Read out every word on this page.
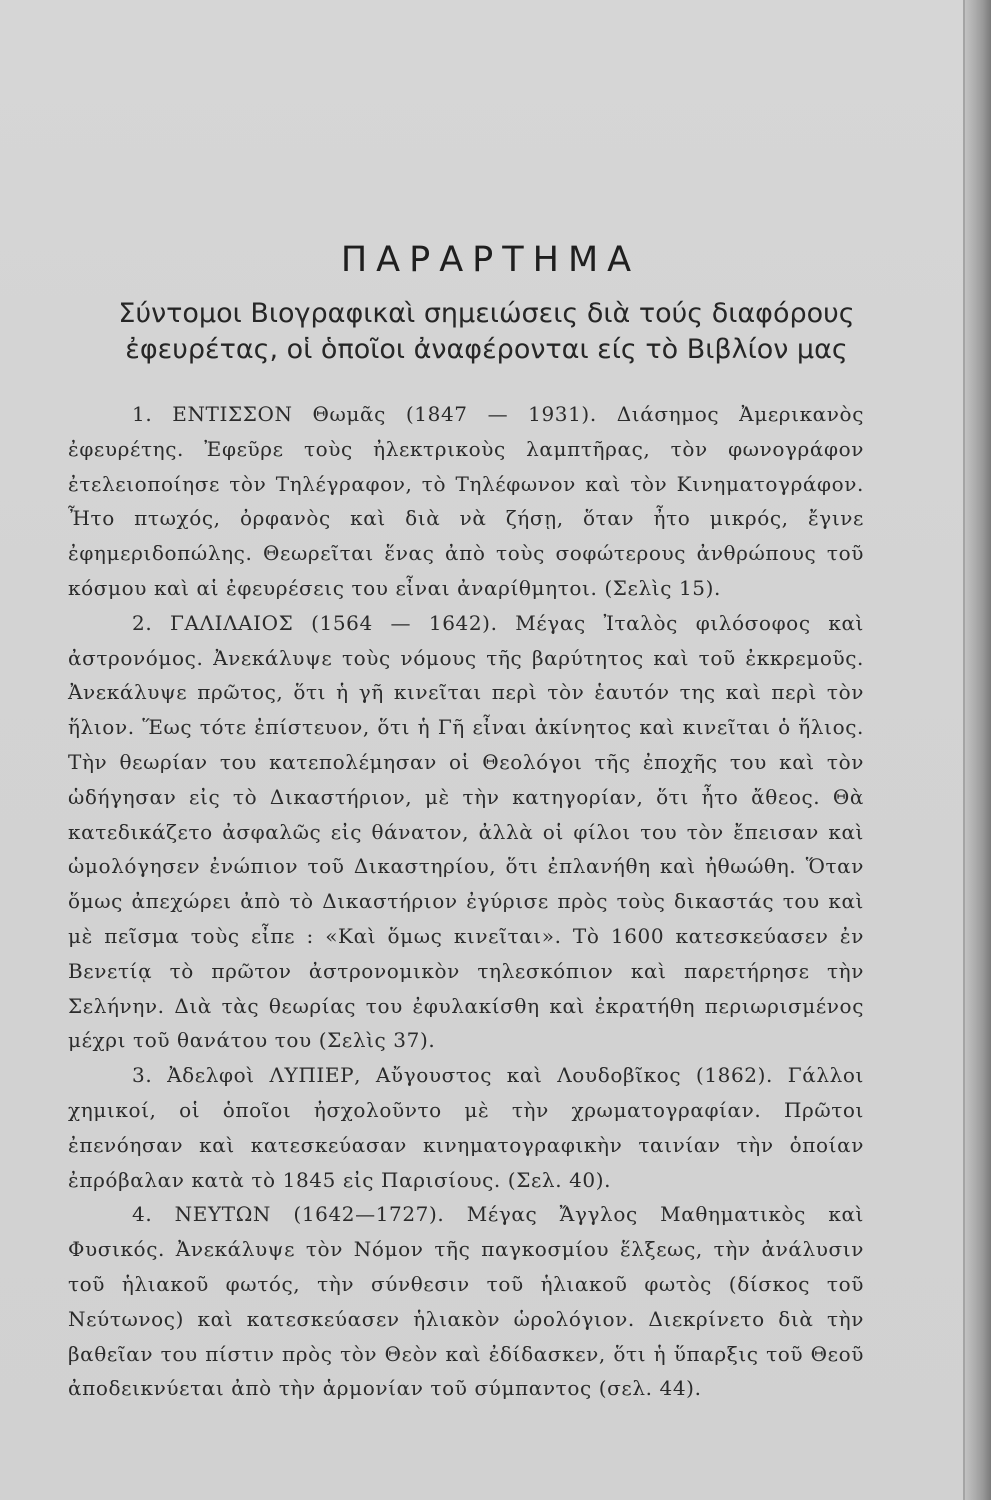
ΠΑΡΑΡΤΗΜΑ
Σύντομοι Βιογραφικαὶ σημειώσεις διὰ τούς διαφόρους
ἐφευρέτας, οἱ ὁποῖοι ἀναφέρονται είς τὸ Βιβλίον μας

1. ΕΝΤΙΣΣΟΝ Θωμᾶς (1847 — 1931). Διάσημος Ἀμερικανὸς ἐφευρέτης. Ἐφεῦρε τοὺς ἠλεκτρικοὺς λαμπτῆρας, τὸν φωνογράφον ἐτελειοποίησε τὸν Τηλέγραφον, τὸ Τηλέφωνον καὶ τὸν Κινηματογράφον. Ἦτο πτωχός, ὀρφανὸς καὶ διὰ νὰ ζήσῃ, ὅταν ἦτο μικρός, ἔγινε ἐφημεριδοπώλης. Θεωρεῖται ἕνας ἀπὸ τοὺς σοφώτερους ἀνθρώπους τοῦ κόσμου καὶ αἱ ἐφευρέσεις του εἶναι ἀναρίθμητοι. (Σελὶς 15).

2. ΓΑΛΙΛΑΙΟΣ (1564 — 1642). Μέγας Ἰταλὸς φιλόσοφος καὶ ἀστρονόμος. Ἀνεκάλυψε τοὺς νόμους τῆς βαρύτητος καὶ τοῦ ἐκκρεμοῦς. Ἀνεκάλυψε πρῶτος, ὅτι ἡ γῆ κινεῖται περὶ τὸν ἑαυτόν της καὶ περὶ τὸν ἥλιον. Ἕως τότε ἐπίστευον, ὅτι ἡ Γῆ εἶναι ἀκίνητος καὶ κινεῖται ὁ ἥλιος. Τὴν θεωρίαν του κατεπολέμησαν οἱ Θεολόγοι τῆς ἐποχῆς του καὶ τὸν ὡδήγησαν εἰς τὸ Δικαστήριον, μὲ τὴν κατηγορίαν, ὅτι ἦτο ἄθεος. Θὰ κατεδικάζετο ἀσφαλῶς εἰς θάνατον, ἀλλὰ οἱ φίλοι του τὸν ἔπεισαν καὶ ὡμολόγησεν ἐνώπιον τοῦ Δικαστηρίου, ὅτι ἐπλανήθη καὶ ἠθωώθη. Ὅταν ὅμως ἀπεχώρει ἀπὸ τὸ Δικαστήριον ἐγύρισε πρὸς τοὺς δικαστάς του καὶ μὲ πεῖσμα τοὺς εἶπε : «Καὶ ὅμως κινεῖται». Τὸ 1600 κατεσκεύασεν ἐν Βενετίᾳ τὸ πρῶτον ἀστρονομικὸν τηλεσκόπιον καὶ παρετήρησε τὴν Σελήνην. Διὰ τὰς θεωρίας του ἐφυλακίσθη καὶ ἐκρατήθη περιωρισμένος μέχρι τοῦ θανάτου του (Σελὶς 37).

3. Ἀδελφοὶ ΛΥΠΙΕΡ, Αὔγουστος καὶ Λουδοβῖκος (1862). Γάλλοι χημικοί, οἱ ὁποῖοι ἠσχολοῦντο μὲ τὴν χρωματογραφίαν. Πρῶτοι ἐπενόησαν καὶ κατεσκεύασαν κινηματογραφικὴν ταινίαν τὴν ὁποίαν ἐπρόβαλαν κατὰ τὸ 1845 εἰς Παρισίους. (Σελ. 40).

4. ΝΕΥΤΩΝ (1642—1727). Μέγας Ἄγγλος Μαθηματικὸς καὶ Φυσικός. Ἀνεκάλυψε τὸν Νόμον τῆς παγκοσμίου ἕλξεως, τὴν ἀνάλυσιν τοῦ ἡλιακοῦ φωτός, τὴν σύνθεσιν τοῦ ἡλιακοῦ φωτὸς (δίσκος τοῦ Νεύτωνος) καὶ κατεσκεύασεν ἡλιακὸν ὡρολόγιον. Διεκρίνετο διὰ τὴν βαθεῖαν του πίστιν πρὸς τὸν Θεὸν καὶ ἐδίδασκεν, ὅτι ἡ ὕπαρξις τοῦ Θεοῦ ἀποδεικνύεται ἀπὸ τὴν ἁρμονίαν τοῦ σύμπαντος (σελ. 44).
